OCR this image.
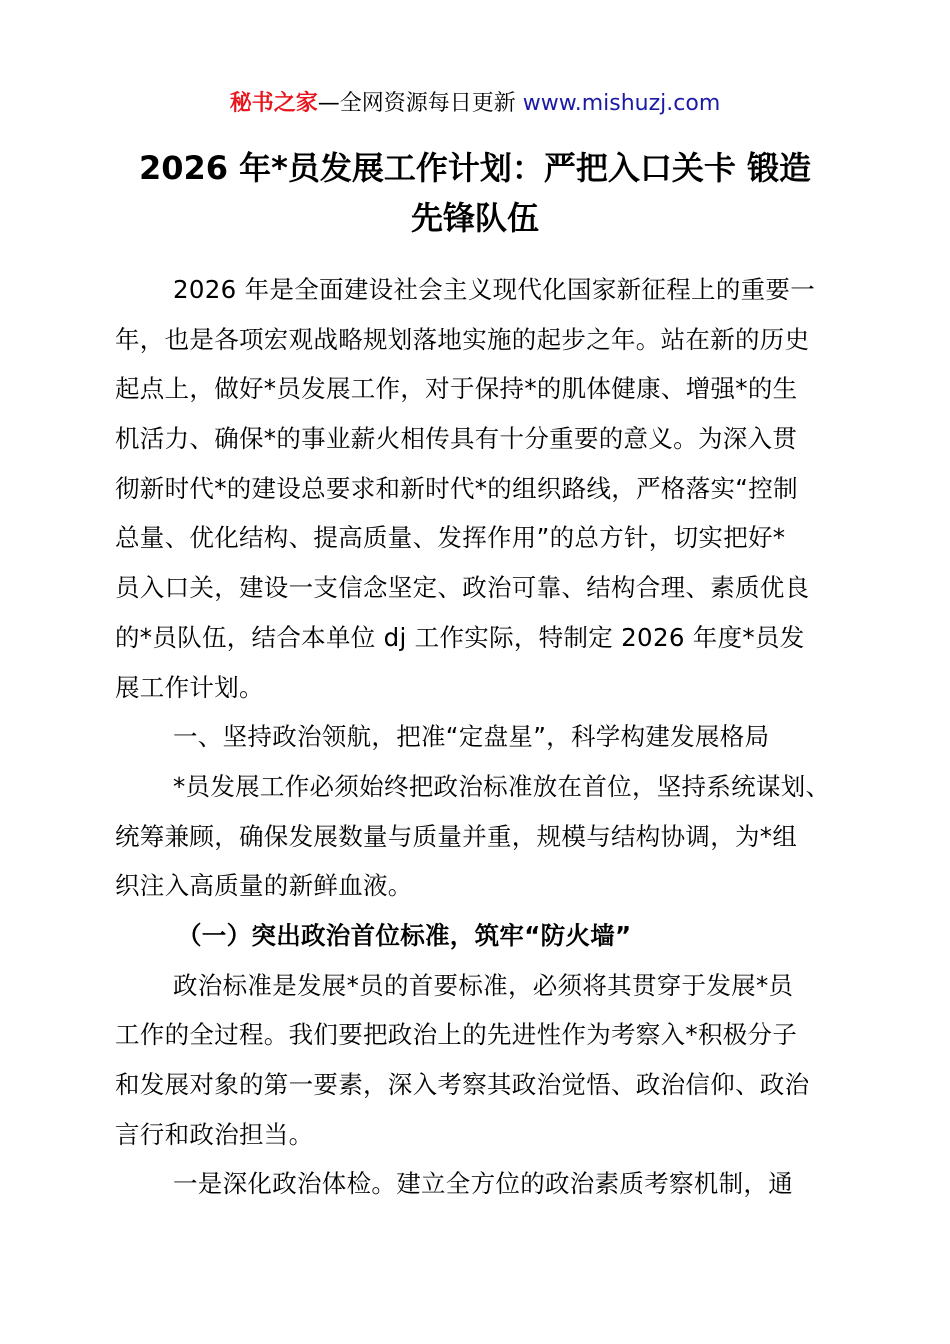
秘书之家—全网资源每日更新 www.mishuzj.com
2026 年*员发展工作计划：严把入口关卡 锻造
先锋队伍
2026 年是全面建设社会主义现代化国家新征程上的重要一
年，也是各项宏观战略规划落地实施的起步之年。站在新的历史
起点上，做好*员发展工作，对于保持*的肌体健康、增强*的生
机活力、确保*的事业薪火相传具有十分重要的意义。为深入贯
彻新时代*的建设总要求和新时代*的组织路线，严格落实“控制
总量、优化结构、提高质量、发挥作用”的总方针，切实把好*
员入口关，建设一支信念坚定、政治可靠、结构合理、素质优良
的*员队伍，结合本单位 dj 工作实际，特制定 2026 年度*员发
展工作计划。
一、坚持政治领航，把准“定盘星”，科学构建发展格局
*员发展工作必须始终把政治标准放在首位，坚持系统谋划、
统筹兼顾，确保发展数量与质量并重，规模与结构协调，为*组
织注入高质量的新鲜血液。
（一）突出政治首位标准，筑牢“防火墙”
政治标准是发展*员的首要标准，必须将其贯穿于发展*员
工作的全过程。我们要把政治上的先进性作为考察入*积极分子
和发展对象的第一要素，深入考察其政治觉悟、政治信仰、政治
言行和政治担当。
一是深化政治体检。建立全方位的政治素质考察机制，通
